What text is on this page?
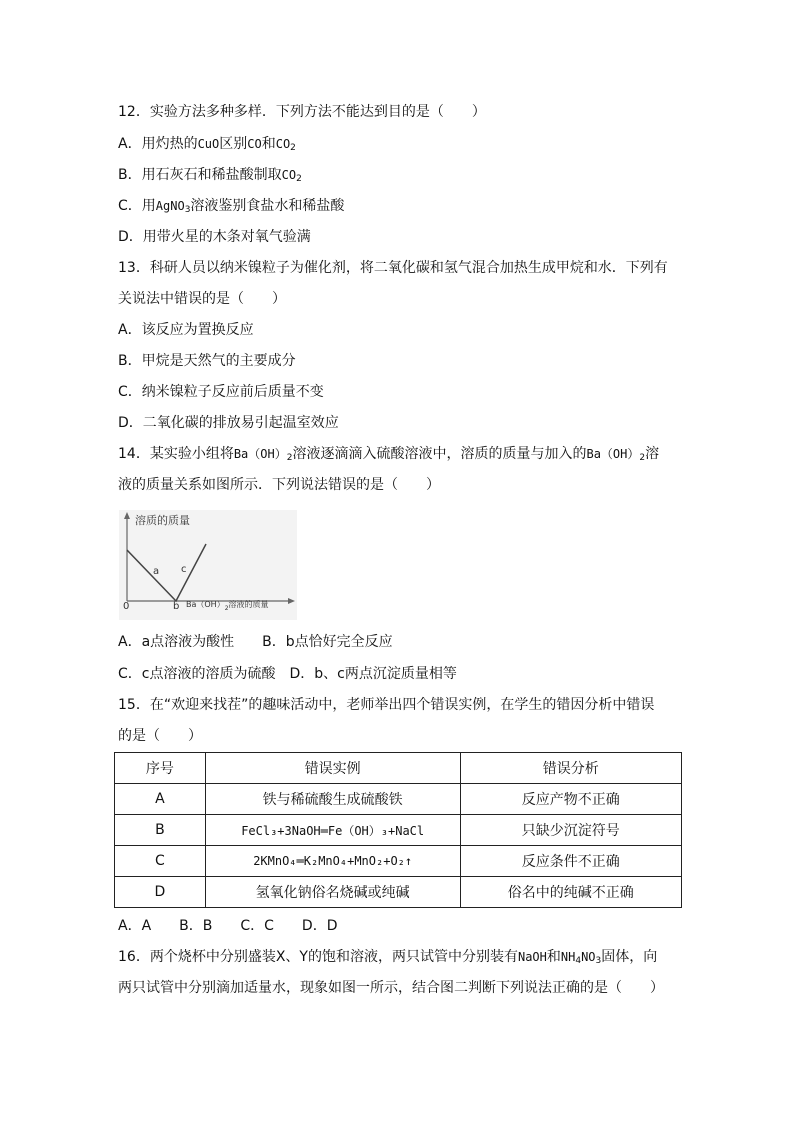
12．实验方法多种多样．下列方法不能达到目的是（　　）
A．用灼热的CuO区别CO和$CO_2$
B．用石灰石和稀盐酸制取$CO_2$
C．用AgNO$_3$溶液鉴别食盐水和稀盐酸
D．用带火星的木条对氧气验满
13．科研人员以纳米镍粒子为催化剂，将二氧化碳和氢气混合加热生成甲烷和水．下列有
关说法中错误的是（　　）
A．该反应为置换反应
B．甲烷是天然气的主要成分
C．纳米镍粒子反应前后质量不变
D．二氧化碳的排放易引起温室效应
14．某实验小组将$Ba(OH)_2$溶液逐滴滴入硫酸溶液中，溶质的质量与加入的$Ba(OH)_2$溶
液的质量关系如图所示．下列说法错误的是（　　）
溶质的质量
0
a
b
c
$Ba(OH)_2$溶液的质量
A．a点溶液为酸性　　B．b点恰好完全反应
C．c点溶液的溶质为硫酸　D．b、c两点沉淀质量相等
15．在“欢迎来找茬”的趣味活动中，老师举出四个错误实例，在学生的错因分析中错误
的是（　　）
序号	错误实例	错误分析
A	铁与稀硫酸生成硫酸铁	反应产物不正确
B	FeCl₃+3NaOH═Fe（OH）₃+NaCl	只缺少沉淀符号
C	2KMnO₄═K₂MnO₄+MnO₂+O₂↑	反应条件不正确
D	氢氧化钠俗名烧碱或纯碱	俗名中的纯碱不正确
A．A　　B．B　　C．C　　D．D
16．两个烧杯中分别盛装X、Y的饱和溶液，两只试管中分别装有NaOH和$NH_4NO_3$固体，向
两只试管中分别滴加适量水，现象如图一所示，结合图二判断下列说法正确的是（　　）
